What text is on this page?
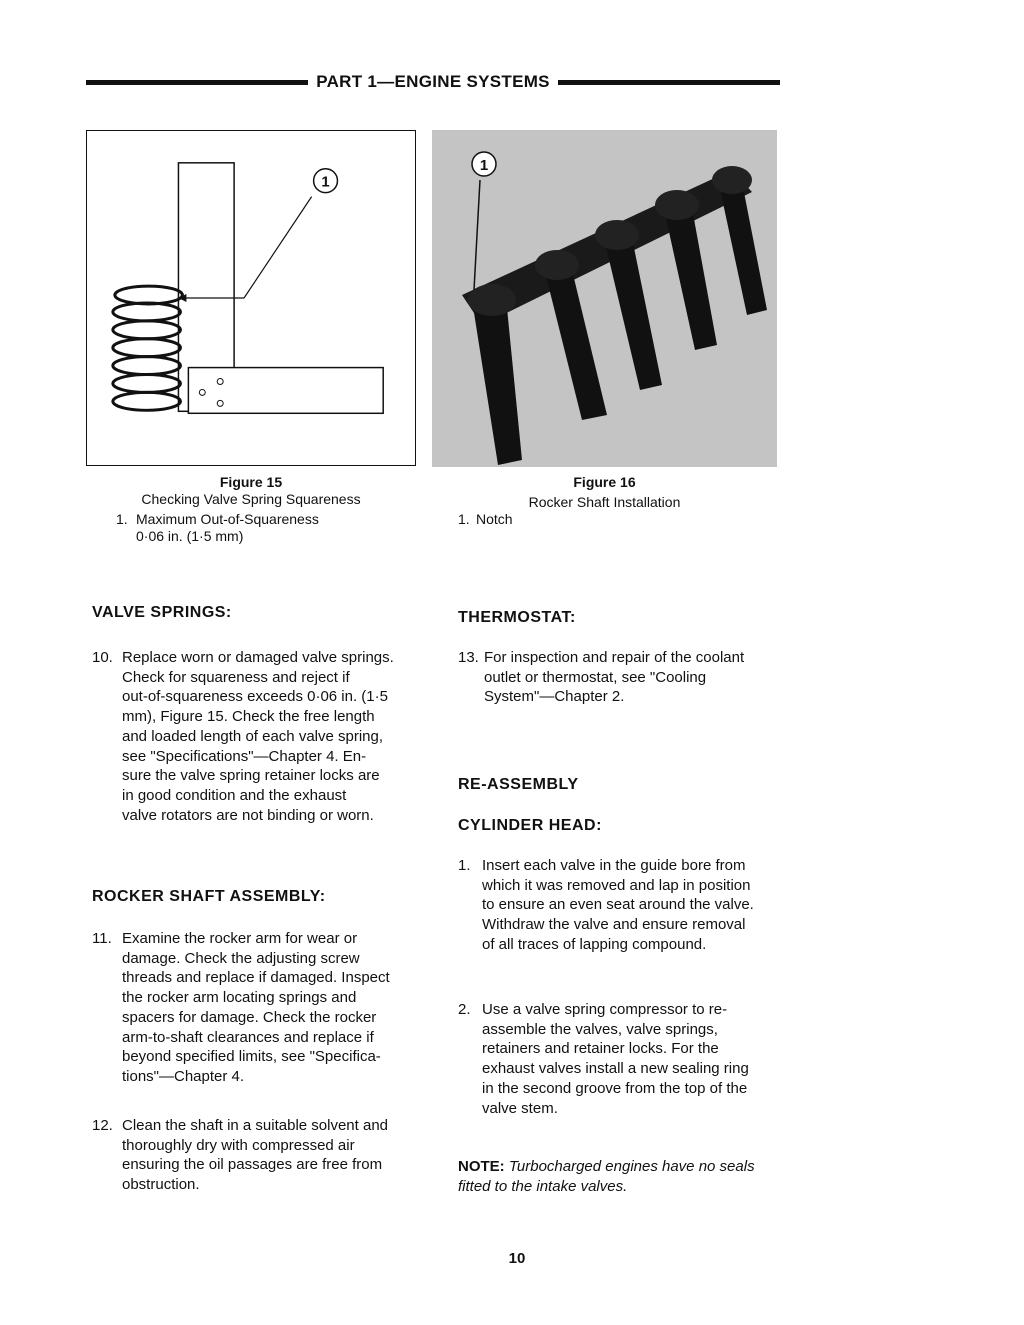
PART 1—ENGINE SYSTEMS
1
1
Figure 15
Checking Valve Spring Squareness
1. Maximum Out-of-Squareness
0·06 in. (1·5 mm)
Figure 16
Rocker Shaft Installation
1. Notch
VALVE SPRINGS:
10. Replace worn or damaged valve springs.
Check for squareness and reject if
out-of-squareness exceeds 0·06 in. (1·5
mm), Figure 15. Check the free length
and loaded length of each valve spring,
see "Specifications"—Chapter 4. En-
sure the valve spring retainer locks are
in good condition and the exhaust
valve rotators are not binding or worn.
ROCKER SHAFT ASSEMBLY:
11. Examine the rocker arm for wear or
damage. Check the adjusting screw
threads and replace if damaged. Inspect
the rocker arm locating springs and
spacers for damage. Check the rocker
arm-to-shaft clearances and replace if
beyond specified limits, see "Specifica-
tions"—Chapter 4.
12. Clean the shaft in a suitable solvent and
thoroughly dry with compressed air
ensuring the oil passages are free from
obstruction.
THERMOSTAT:
13. For inspection and repair of the coolant
outlet or thermostat, see "Cooling
System"—Chapter 2.
RE-ASSEMBLY
CYLINDER HEAD:
1. Insert each valve in the guide bore from
which it was removed and lap in position
to ensure an even seat around the valve.
Withdraw the valve and ensure removal
of all traces of lapping compound.
2. Use a valve spring compressor to re-
assemble the valves, valve springs,
retainers and retainer locks. For the
exhaust valves install a new sealing ring
in the second groove from the top of the
valve stem.
NOTE: Turbocharged engines have no seals
fitted to the intake valves.
10
